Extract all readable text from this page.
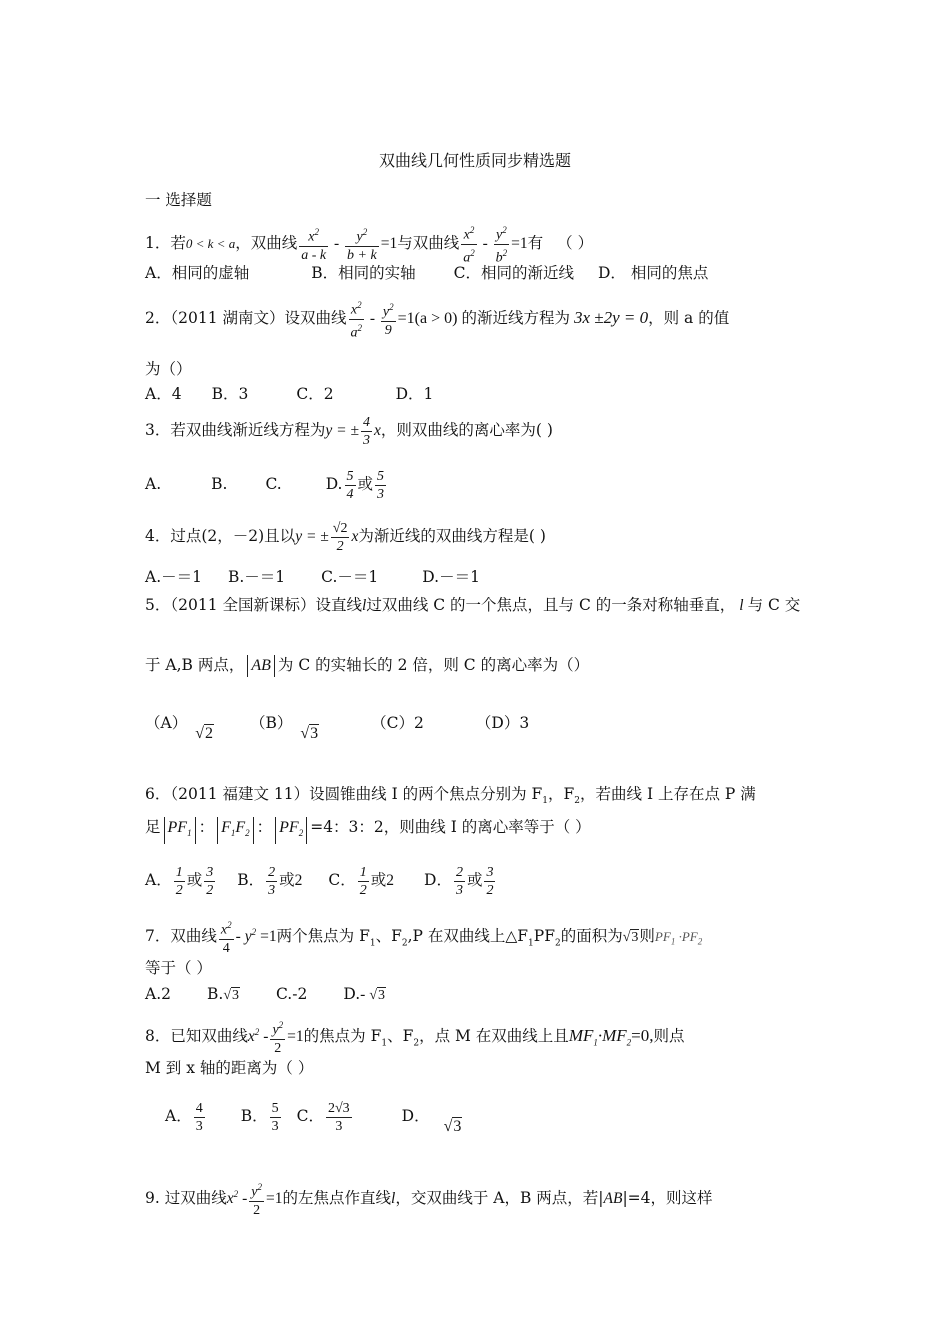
双曲线几何性质同步精选题
一 选择题
1．若0 < k < a，双曲线 $\frac{x^2}{a - k} - \frac{y^2}{b + k} =1$与双曲线 $\frac{x^2}{a^2} - \frac{y^2}{b^2} =1$有 （ ）
A．相同的虚轴	B．相同的实轴 C．相同的渐近线 D． 相同的焦点
2．（2011 湖南文）设双曲线 $\frac{x^2}{a^2} - \frac{y^2}{9} =1(a > 0)$ 的渐近线方程为 3x ±2y = 0，则 a 的值
为（）
A．4 B．3	C．2	D．1
3．若双曲线渐近线方程为y = ± $\frac{4}{3}$ x，则双曲线的离心率为( )
A.	B. C.	D. $\frac{5}{4}$ 或 $\frac{5}{3}$
4．过点(2，－2)且以y = ± $\frac{√2}{2}$ x为渐近线的双曲线方程是( )
A.－＝1 B.－＝1 C.－＝1	D.－＝1
5．（2011 全国新课标）设直线l过双曲线 C 的一个焦点，且与 C 的一条对称轴垂直， l 与 C 交
于 A,B 两点， AB 为 C 的实轴长的 2 倍，则 C 的离心率为（）
（A）√2（B）√3（C）2	（D）3
6．（2011 福建文 11）设圆锥曲线 I 的两个焦点分别为 $F_1$，$F_2$，若曲线 I 上存在点 P 满
足 $PF_1$ ： $F_1F_2$ ： $PF_2 =4$：3：2，则曲线 I 的离心率等于（ ）
A． $\frac{1}{2}$ 或 $\frac{3}{2}$ B． $\frac{2}{3}$ 或2 C． $\frac{1}{2}$ 或2 D． $\frac{2}{3}$ 或 $\frac{3}{2}$
7．双曲线 $\frac{x^2}{4} - y^2 =1$两个焦点为 $F_1$、$F_2,P$ 在双曲线上$\triangle F_1PF_2$的面积为√3则$PF_1 \cdot PF_2$
等于（ ）
A.2 B.√3 C.-2 D.- √3
8．已知双曲线$x^2 - \frac{y^2}{2} =1$的焦点为 $F_1$、$F_2$，点 M 在双曲线上且$MF_1\cdot MF_2=0$,则点
M 到 x 轴的距离为（ ）
A． $\frac{4}{3}$ B． $\frac{5}{3}$ C． $\frac{2√3}{3}$	D．√3
9. 过双曲线$x^2 - \frac{y^2}{2} =1$的左焦点作直线l，交双曲线于 A，B 两点，若|AB|=4，则这样
